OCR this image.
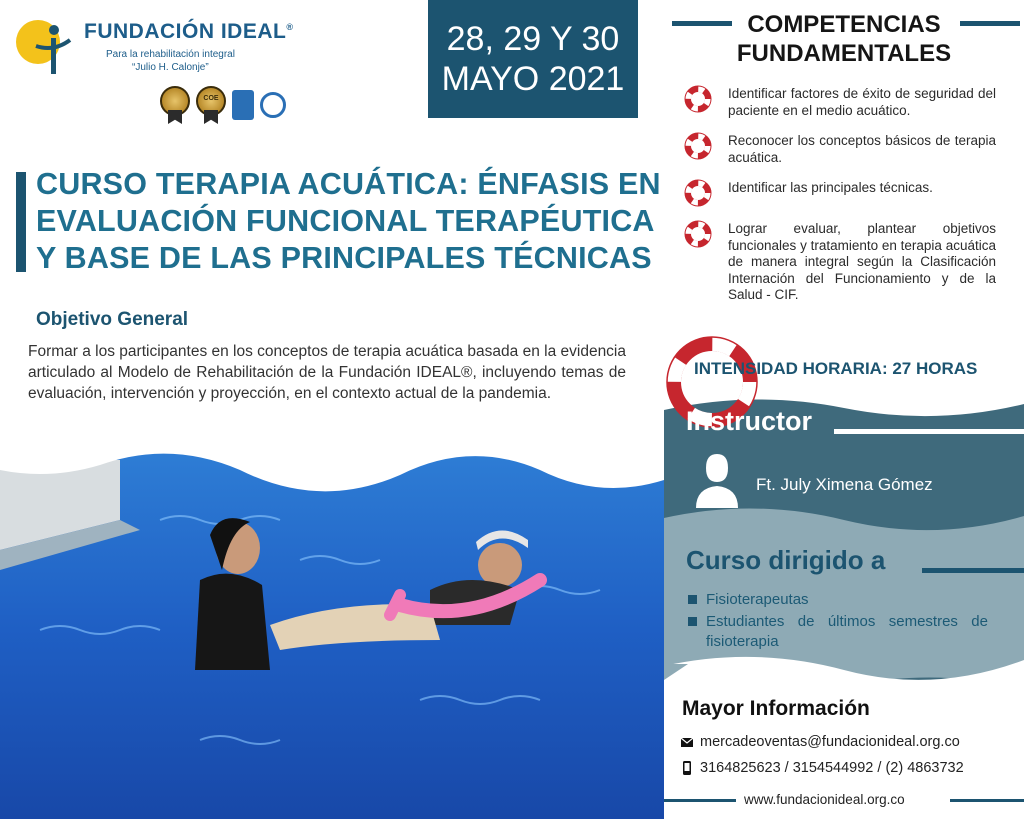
FUNDACIÓN IDEAL®
Para la rehabilitación integral
“Julio H. Calonje”
COE
28, 29 Y 30
MAYO 2021
CURSO TERAPIA ACUÁTICA: ÉNFASIS EN
EVALUACIÓN FUNCIONAL TERAPÉUTICA
Y BASE DE LAS PRINCIPALES TÉCNICAS
Objetivo General

Formar a los participantes en los conceptos de terapia acuática basada en la evidencia articulado al Modelo de Rehabilitación de la Fundación IDEAL®, incluyendo temas de evaluación, intervención y proyección, en el contexto actual de la pandemia.

COMPETENCIAS
FUNDAMENTALES
Identificar factores de éxito de seguridad del paciente en el medio acuático.
Reconocer los conceptos básicos de terapia acuática.
Identificar las principales técnicas.
Lograr evaluar, plantear objetivos funcionales y tratamiento en terapia acuática de manera integral según la Clasificación Internación del Funcionamiento y de la Salud - CIF.
INTENSIDAD HORARIA: 27 HORAS
Instructor
Ft. July Ximena Gómez
Curso dirigido a
Fisioterapeutas
Estudiantes de últimos semestres de fisioterapia
Mayor Información
mercadeoventas@fundacionideal.org.co
3164825623 / 3154544992 / (2) 4863732
www.fundacionideal.org.co
